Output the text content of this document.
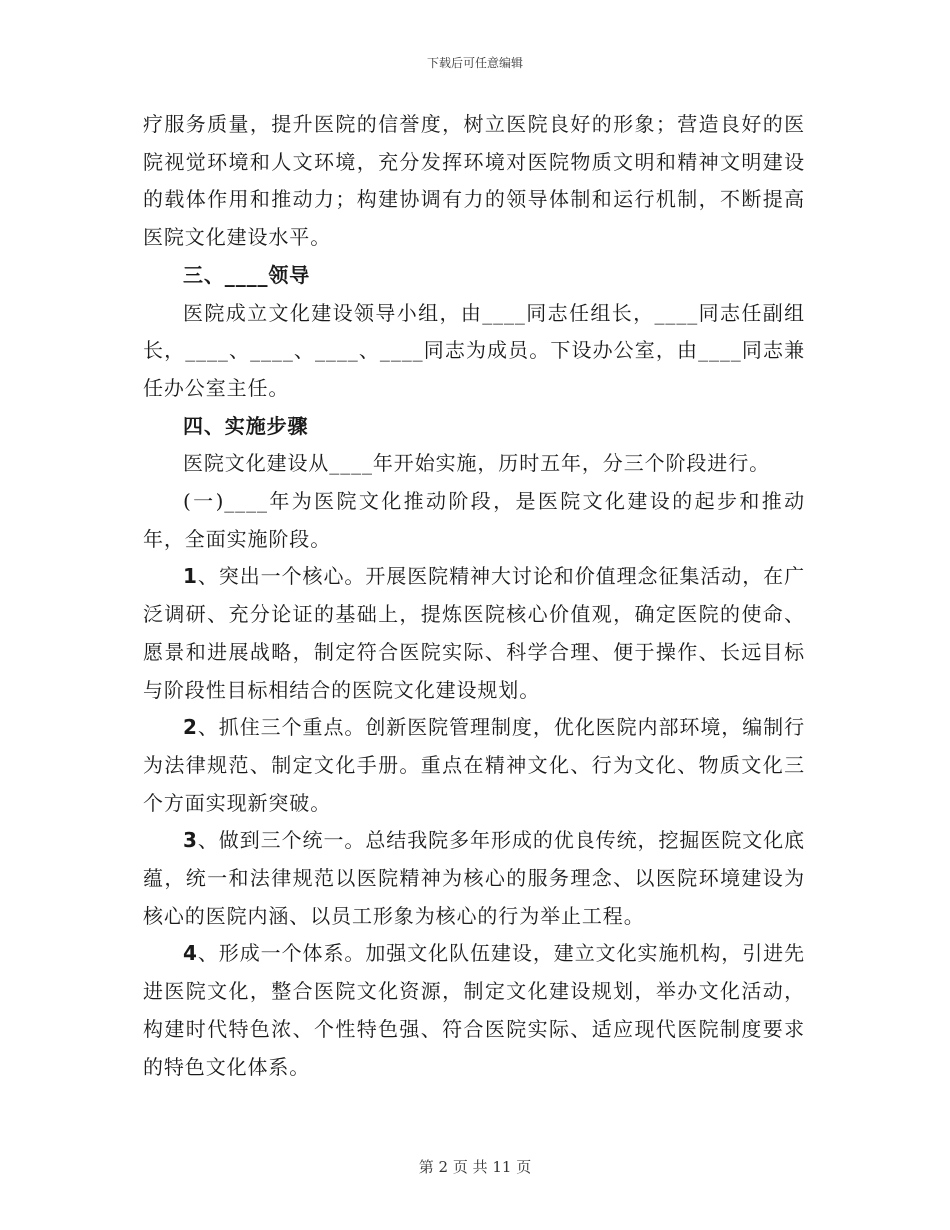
下载后可任意编辑

疗服务质量，提升医院的信誉度，树立医院良好的形象；营造良好的医院视觉环境和人文环境，充分发挥环境对医院物质文明和精神文明建设的载体作用和推动力；构建协调有力的领导体制和运行机制，不断提高医院文化建设水平。

三、____领导

医院成立文化建设领导小组，由____同志任组长，____同志任副组长，____、____、____、____同志为成员。下设办公室，由____同志兼任办公室主任。

四、实施步骤

医院文化建设从____年开始实施，历时五年，分三个阶段进行。

(一)____年为医院文化推动阶段，是医院文化建设的起步和推动年，全面实施阶段。

1、突出一个核心。开展医院精神大讨论和价值理念征集活动，在广泛调研、充分论证的基础上，提炼医院核心价值观，确定医院的使命、愿景和进展战略，制定符合医院实际、科学合理、便于操作、长远目标与阶段性目标相结合的医院文化建设规划。

2、抓住三个重点。创新医院管理制度，优化医院内部环境，编制行为法律规范、制定文化手册。重点在精神文化、行为文化、物质文化三个方面实现新突破。

3、做到三个统一。总结我院多年形成的优良传统，挖掘医院文化底蕴，统一和法律规范以医院精神为核心的服务理念、以医院环境建设为核心的医院内涵、以员工形象为核心的行为举止工程。

4、形成一个体系。加强文化队伍建设，建立文化实施机构，引进先进医院文化，整合医院文化资源，制定文化建设规划，举办文化活动，构建时代特色浓、个性特色强、符合医院实际、适应现代医院制度要求的特色文化体系。

第 2 页 共 11 页
